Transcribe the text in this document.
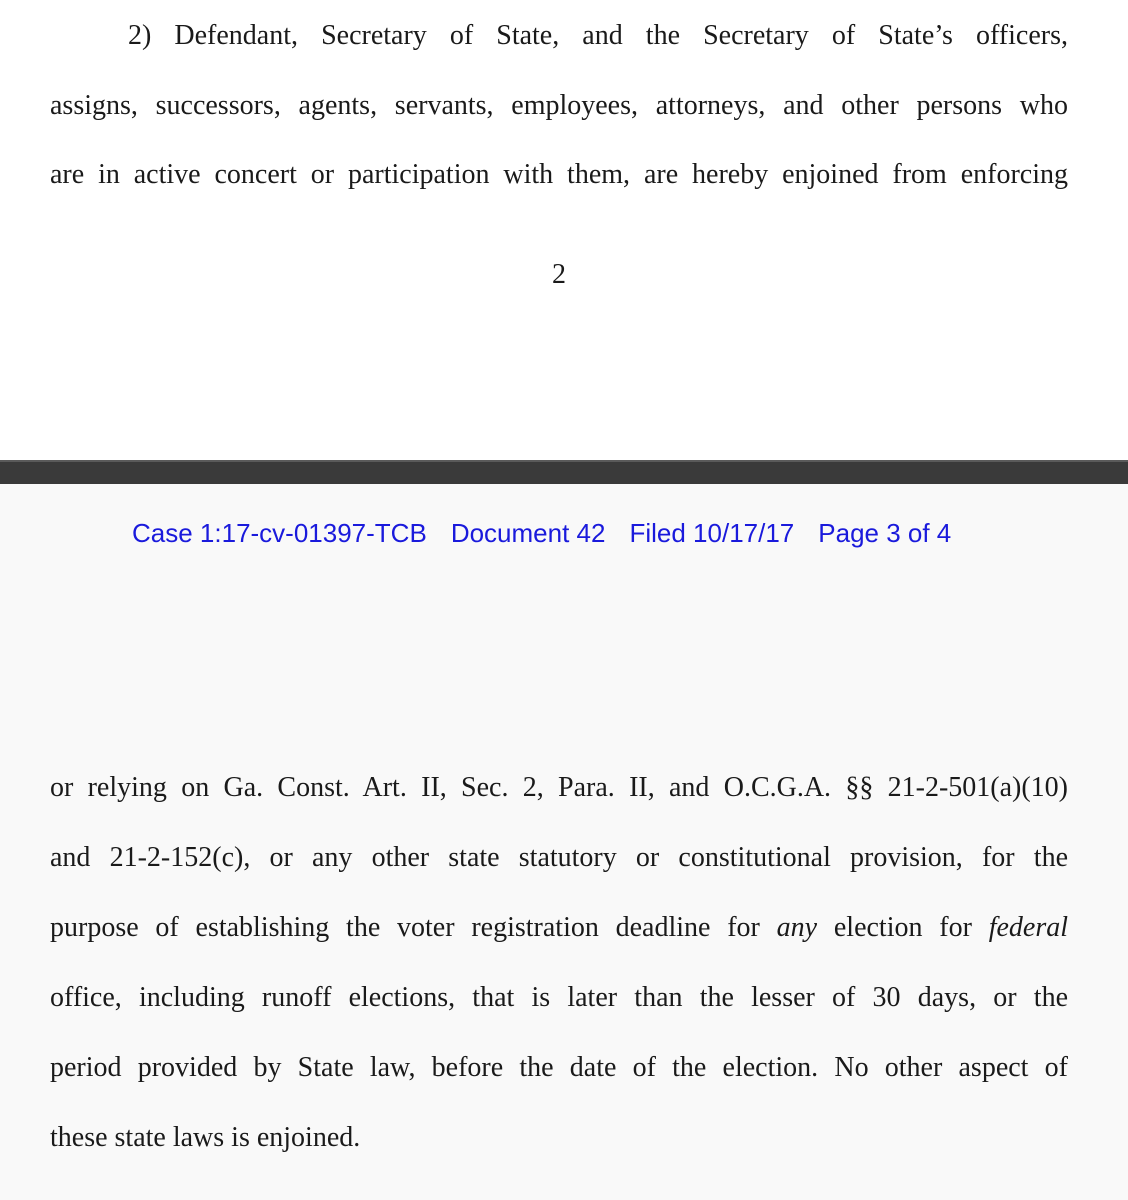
2) Defendant, Secretary of State, and the Secretary of State’s officers,
assigns, successors, agents, servants, employees, attorneys, and other persons who
are in active concert or participation with them, are hereby enjoined from enforcing
2
Case 1:17-cv-01397-TCB Document 42 Filed 10/17/17 Page 3 of 4
or relying on Ga. Const. Art. II, Sec. 2, Para. II, and O.C.G.A. §§ 21-2-501(a)(10)
and 21-2-152(c), or any other state statutory or constitutional provision, for the
purpose of establishing the voter registration deadline for any election for federal
office, including runoff elections, that is later than the lesser of 30 days, or the
period provided by State law, before the date of the election. No other aspect of
these state laws is enjoined.
